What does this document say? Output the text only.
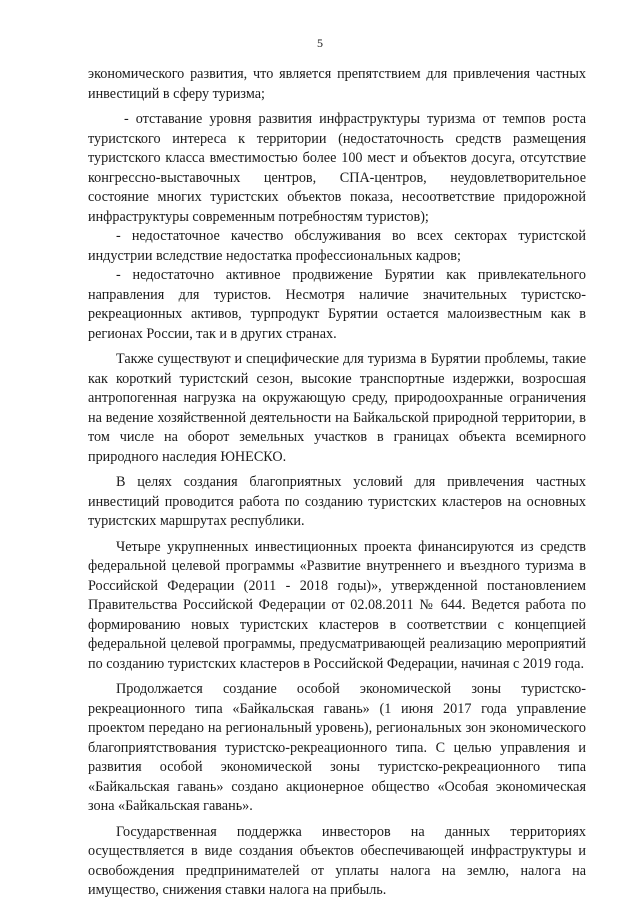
5

экономического развития, что является препятствием для привлечения частных инвестиций в сферу туризма;

- отставание уровня развития инфраструктуры туризма от темпов роста туристского интереса к территории (недостаточность средств размещения туристского класса вместимостью более 100 мест и объектов досуга, отсутствие конгрессно-выставочных центров, СПА-центров, неудовлетворительное состояние многих туристских объектов показа, несоответствие придорожной инфраструктуры современным потребностям туристов);

- недостаточное качество обслуживания во всех секторах туристской индустрии вследствие недостатка профессиональных кадров;

- недостаточно активное продвижение Бурятии как привлекательного направления для туристов. Несмотря наличие значительных туристско-рекреационных активов, турпродукт Бурятии остается малоизвестным как в регионах России, так и в других странах.

Также существуют и специфические для туризма в Бурятии проблемы, такие как короткий туристский сезон, высокие транспортные издержки, возросшая антропогенная нагрузка на окружающую среду, природоохранные ограничения на ведение хозяйственной деятельности на Байкальской природной территории, в том числе на оборот земельных участков в границах объекта всемирного природного наследия ЮНЕСКО.

В целях создания благоприятных условий для привлечения частных инвестиций проводится работа по созданию туристских кластеров на основных туристских маршрутах республики.

Четыре укрупненных инвестиционных проекта финансируются из средств федеральной целевой программы «Развитие внутреннего и въездного туризма в Российской Федерации (2011 - 2018 годы)», утвержденной постановлением Правительства Российской Федерации от 02.08.2011 № 644. Ведется работа по формированию новых туристских кластеров в соответствии с концепцией федеральной целевой программы, предусматривающей реализацию мероприятий по созданию туристских кластеров в Российской Федерации, начиная с 2019 года.

Продолжается создание особой экономической зоны туристско-рекреационного типа «Байкальская гавань» (1 июня 2017 года управление проектом передано на региональный уровень), региональных зон экономического благоприятствования туристско-рекреационного типа. С целью управления и развития особой экономической зоны туристско-рекреационного типа «Байкальская гавань» создано акционерное общество «Особая экономическая зона «Байкальская гавань».

Государственная поддержка инвесторов на данных территориях осуществляется в виде создания объектов обеспечивающей инфраструктуры и освобождения предпринимателей от уплаты налога на землю, налога на имущество, снижения ставки налога на прибыль.
